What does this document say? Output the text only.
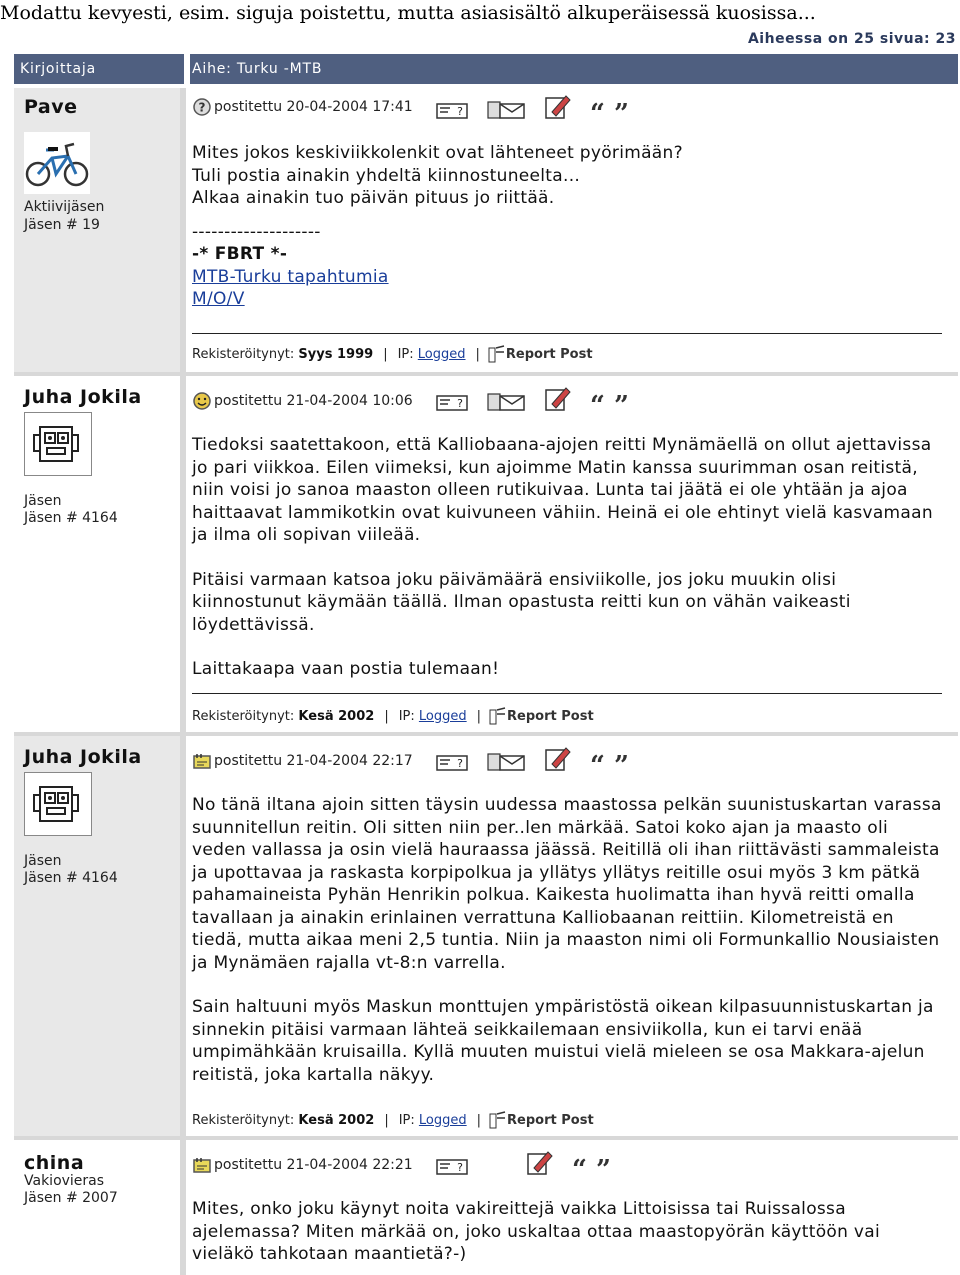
Modattu kevyesti, esim. siguja poistettu, mutta asiasisältö alkuperäisessä kuosissa...
Aiheessa on 25 sivua: 23
Kirjoittaja	Aihe: Turku -MTB
Pave
Aktiivijäsen
Jäsen # 19
? postitettu 20-04-2004 17:41	?	“ ”

Mites jokos keskiviikkolenkit ovat lähteneet pyörimään?

Tuli postia ainakin yhdeltä kiinnostuneelta...

Alkaa ainakin tuo päivän pituus jo riittää.

--------------------
-* FBRT *-
MTB-Turku tapahtumia
M/O/V
Rekisteröitynyt:
Syys 1999 | IP:
Logged | Report Post
Juha Jokila
Jäsen
Jäsen # 4164
postitettu 21-04-2004 10:06	?	“ ”

Tiedoksi saatettakoon, että Kalliobaana-ajojen reitti Mynämäellä on ollut ajettavissa jo pari viikkoa. Eilen viimeksi, kun ajoimme Matin kanssa suurimman osan reitistä, niin voisi jo sanoa maaston olleen rutikuivaa. Lunta tai jäätä ei ole yhtään ja ajoa haittaavat lammikotkin ovat kuivuneen vähiin. Heinä ei ole ehtinyt vielä kasvamaan ja ilma oli sopivan viileää.

Pitäisi varmaan katsoa joku päivämäärä ensiviikolle, jos joku muukin olisi kiinnostunut käymään täällä. Ilman opastusta reitti kun on vähän vaikeasti löydettävissä.

Laittakaapa vaan postia tulemaan!

Rekisteröitynyt:
Kesä 2002 | IP:
Logged | Report Post
Juha Jokila
Jäsen
Jäsen # 4164
postitettu 21-04-2004 22:17	?	“ ”

No tänä iltana ajoin sitten täysin uudessa maastossa pelkän suunistuskartan varassa suunnitellun reitin. Oli sitten niin per..len märkää. Satoi koko ajan ja maasto oli veden vallassa ja osin vielä hauraassa jäässä. Reitillä oli ihan riittävästi sammaleista ja upottavaa ja raskasta korpipolkua ja yllätys yllätys reitille osui myös 3 km pätkä pahamaineista Pyhän Henrikin polkua. Kaikesta huolimatta ihan hyvä reitti omalla tavallaan ja ainakin erinlainen verrattuna Kalliobaanan reittiin. Kilometreistä en tiedä, mutta aikaa meni 2,5 tuntia. Niin ja maaston nimi oli Formunkallio Nousiaisten ja Mynämäen rajalla vt-8:n varrella.

Sain haltuuni myös Maskun monttujen ympäristöstä oikean kilpasuunnistuskartan ja sinnekin pitäisi varmaan lähteä seikkailemaan ensiviikolla, kun ei tarvi enää umpimähkään kruisailla. Kyllä muuten muistui vielä mieleen se osa Makkara-ajelun reitistä, joka kartalla näkyy.

Rekisteröitynyt:
Kesä 2002 | IP:
Logged | Report Post
china
Vakiovieras
Jäsen # 2007
postitettu 21-04-2004 22:21	?	“ ”

Mites, onko joku käynyt noita vakireittejä vaikka Littoisissa tai Ruissalossa ajelemassa? Miten märkää on, joko uskaltaa ottaa maastopyörän käyttöön vai vieläkö tahkotaan maantietä?-)
